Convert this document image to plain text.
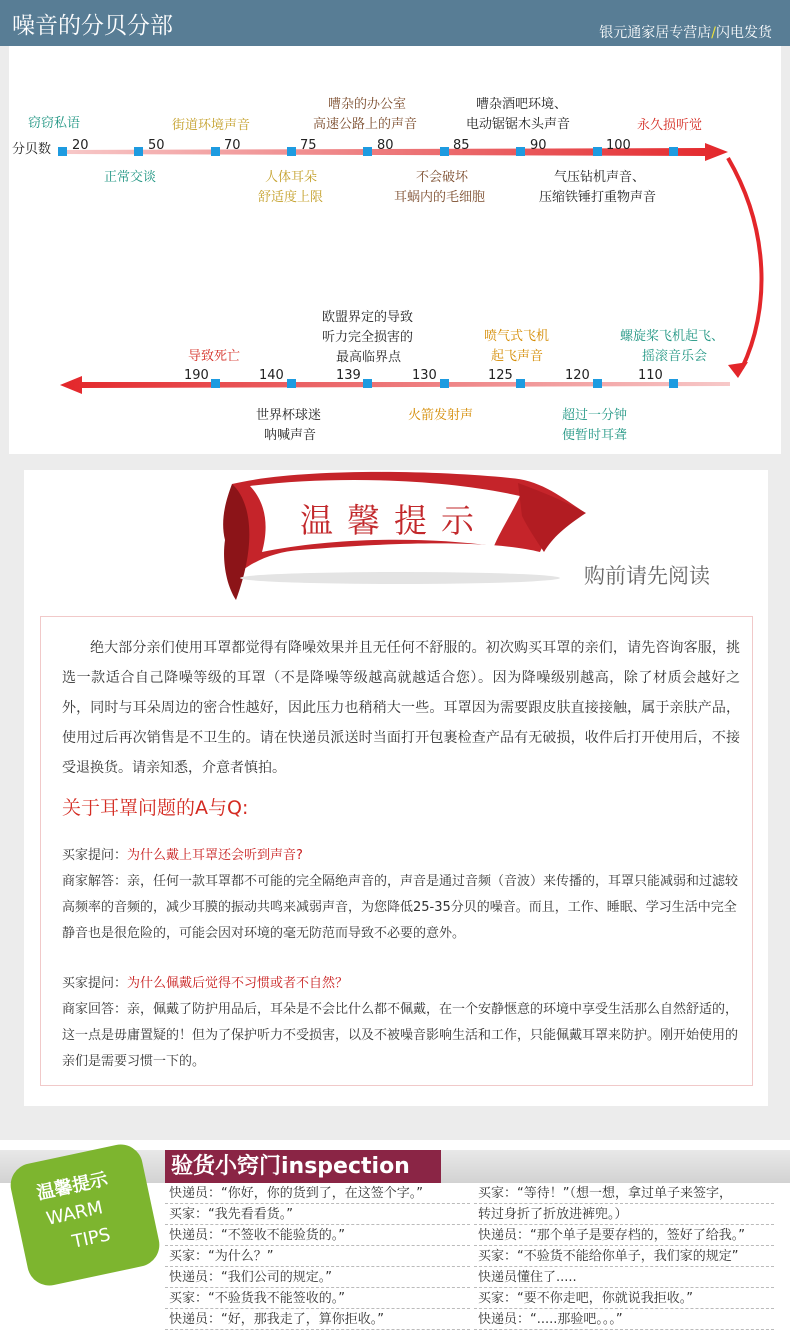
噪音的分贝分部	银元通家居专营店/闪电发货
窃窃私语
分贝数 20	50	70	75	80	85	90	100
正常交谈
街道环境声音
人体耳朵
舒适度上限
嘈杂的办公室
高速公路上的声音
不会破坏
耳蜗内的毛细胞
嘈杂酒吧环境、
电动锯锯木头声音
气压钻机声音、
压缩铁锤打重物声音
永久损听觉
导致死亡
190	140	139	130	125	120	110
世界杯球迷
呐喊声音
欧盟界定的导致
听力完全损害的
最高临界点
火箭发射声
喷气式飞机
起飞声音
超过一分钟
便暂时耳聋
螺旋桨飞机起飞、
摇滚音乐会
温馨提示
购前请先阅读
绝大部分亲们使用耳罩都觉得有降噪效果并且无任何不舒服的。初次购买耳罩的亲们，请先咨询客服，挑选一款适合自己降噪等级的耳罩（不是降噪等级越高就越适合您）。因为降噪级别越高，除了材质会越好之外，同时与耳朵周边的密合性越好，因此压力也稍稍大一些。耳罩因为需要跟皮肤直接接触，属于亲肤产品，使用过后再次销售是不卫生的。请在快递员派送时当面打开包裹检查产品有无破损，收件后打开使用后，不接受退换货。请亲知悉，介意者慎拍。
关于耳罩问题的A与Q:
买家提问：为什么戴上耳罩还会听到声音?
商家解答：亲，任何一款耳罩都不可能的完全隔绝声音的，声音是通过音频（音波）来传播的，耳罩只能减弱和过滤较高频率的音频的，减少耳膜的振动共鸣来减弱声音，为您降低25-35分贝的噪音。而且，工作、睡眠、学习生活中完全静音也是很危险的，可能会因对环境的毫无防范而导致不必要的意外。
买家提问：为什么佩戴后觉得不习惯或者不自然？
商家回答：亲，佩戴了防护用品后，耳朵是不会比什么都不佩戴，在一个安静惬意的环境中享受生活那么自然舒适的，这一点是毋庸置疑的！但为了保护听力不受损害，以及不被噪音影响生活和工作，只能佩戴耳罩来防护。刚开始使用的亲们是需要习惯一下的。
验货小窍门inspection
温馨提示
WARM
TIPS
快递员：“你好，你的货到了，在这签个字。”
买家：“我先看看货。”
快递员：“不签收不能验货的。”
买家：“为什么？”
快递员：“我们公司的规定。”
买家：“不验货我不能签收的。”
快递员：“好，那我走了，算你拒收。”
买家：“等待！”（想一想，拿过单子来签字，
转过身折了折放进裤兜。）
快递员：“那个单子是要存档的，签好了给我。”
买家：“不验货不能给你单子，我们家的规定”
快递员懂住了.....
买家：“要不你走吧，你就说我拒收。”
快递员：“.....那验吧。。。”
